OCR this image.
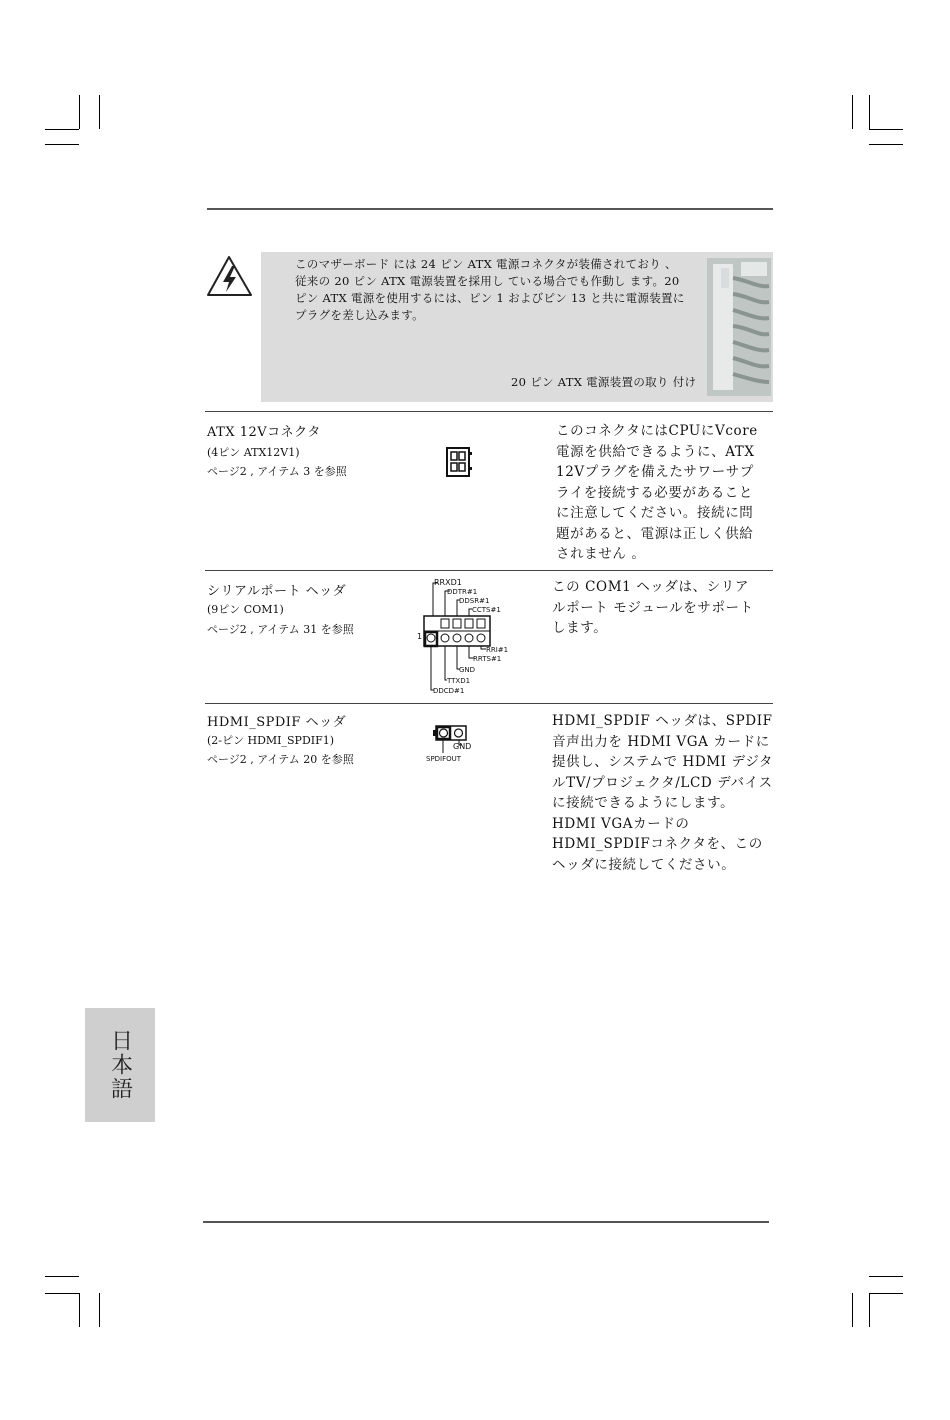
このマザーボード には 24 ピン ATX 電源コネクタが装備されており 、従来の 20 ピン ATX 電源装置を採用し ている場合でも作動し ます。20 ピン ATX 電源を使用するには、ピン 1 およびピン 13 と共に電源装置にプラグを差し込みます。
20 ピン ATX 電源装置の取り 付け
ATX 12Vコネクタ
(4ピン ATX12V1)
ページ2 , アイテム 3 を参照
このコネクタにはCPUにVcore電源を供給できるように、ATX 12Vプラグを備えたサワーサプライを接続する必要があることに注意してください。接続に問題があると、電源は正しく供給されません 。
シリアルポート ヘッダ
(9ピン COM1)
ページ2 , アイテム 31 を参照
1
RRXD1
DDTR#1
DDSR#1
CCTS#1
RRI#1
RRTS#1
GND
TTXD1
DDCD#1
この COM1 ヘッダは、シリアルポート モジュールをサポートします。
HDMI_SPDIF ヘッダ
(2-ピン HDMI_SPDIF1)
ページ2 , アイテム 20 を参照
GND
SPDIFOUT
HDMI_SPDIF ヘッダは、SPDIF音声出力を HDMI VGA カードに提供し、システムで HDMI デジタルTV/プロジェクタ/LCD デバイスに接続できるようにします。HDMI VGAカードの HDMI_SPDIFコネクタを、このヘッダに接続してください。
日本語
